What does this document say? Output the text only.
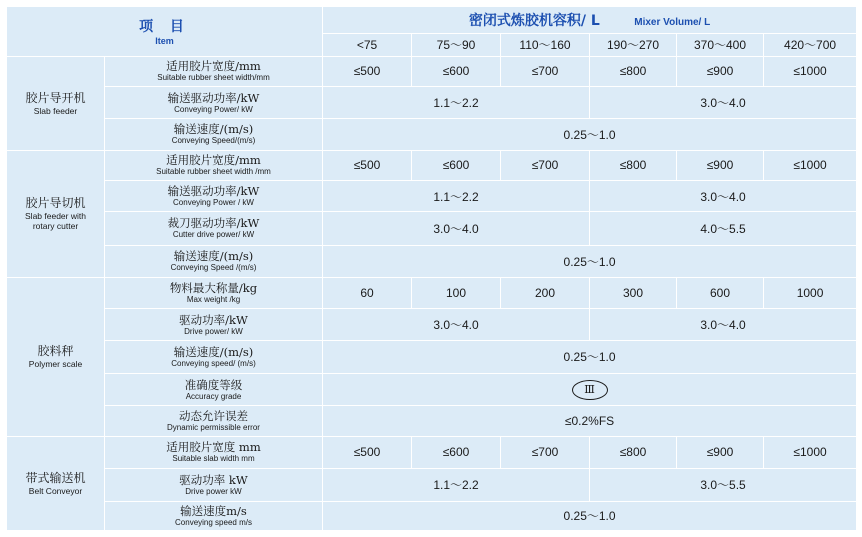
项 目
Item		密闭式炼胶机容积/ L Mixer Volume/ L					
		<75	75～90	110～160	190～270	370～400	420～700

胶片导开机
Slab feeder	适用胶片宽度/mm
Suitable rubber sheet width/mm	≤500	≤600	≤700	≤800	≤900	≤1000

	输送驱动功率/kW
Conveying Power/ kW	1.1～2.2			3.0～4.0		

	输送速度/(m/s)
Conveying Speed/(m/s)	0.25～1.0					

胶片导切机
Slab feeder with
rotary cutter	适用胶片宽度/mm
Suitable rubber sheet width /mm	≤500	≤600	≤700	≤800	≤900	≤1000

	输送驱动功率/kW
Conveying Power / kW	1.1～2.2			3.0～4.0		

	裁刀驱动功率/kW
Cutter drive power/ kW	3.0～4.0			4.0～5.5		

	输送速度/(m/s)
Conveying Speed /(m/s)	0.25～1.0					

胶料秤
Polymer scale	物料最大称量/kg
Max weight /kg	60	100	200	300	600	1000

	驱动功率/kW
Drive power/ kW	3.0～4.0			3.0～4.0		

	输送速度/(m/s)
Conveying speed/ (m/s)	0.25～1.0					

	准确度等级
Accuracy grade	Ⅲ					

	动态允许误差
Dynamic permissible error	≤0.2%FS					

带式输送机
Belt Conveyor	适用胶片宽度 mm
Suitable slab width mm	≤500	≤600	≤700	≤800	≤900	≤1000

	驱动功率 kW
Drive power kW	1.1～2.2			3.0～5.5		

	输送速度m/s
Conveying speed m/s	0.25～1.0					
